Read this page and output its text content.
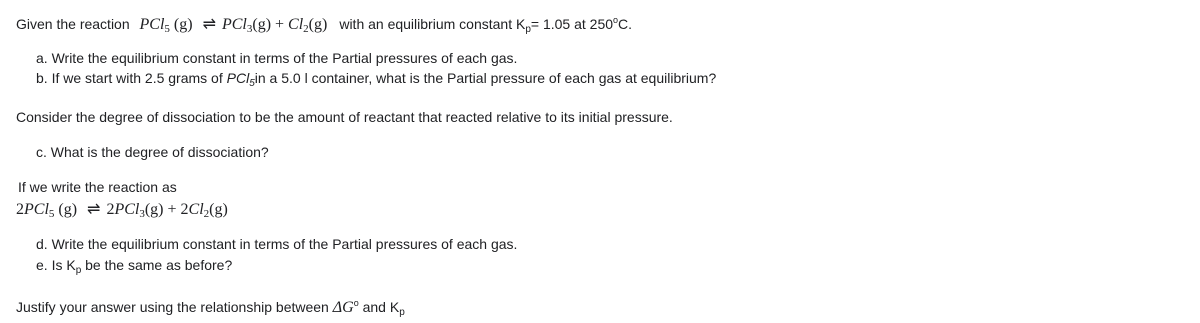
Given the reaction PCl$_5$ (g) ⇌ $PCl_3(g) + Cl_2(g)$ with an equilibrium constant $K_p= 1.05$ at 250$^o$C.
a. Write the equilibrium constant in terms of the Partial pressures of each gas.
b. If we start with 2.5 grams of PCl$_5$in a 5.0 l container, what is the Partial pressure of each gas at equilibrium?
Consider the degree of dissociation to be the amount of reactant that reacted relative to its initial pressure.
c. What is the degree of dissociation?
If we write the reaction as
2PCl$_5$ (g) ⇌ $2PCl_3(g) + 2Cl_2(g)$
d. Write the equilibrium constant in terms of the Partial pressures of each gas.
e. Is $K_p$ be the same as before?
Justify your answer using the relationship between $\Delta G^o$ and $K_p$
